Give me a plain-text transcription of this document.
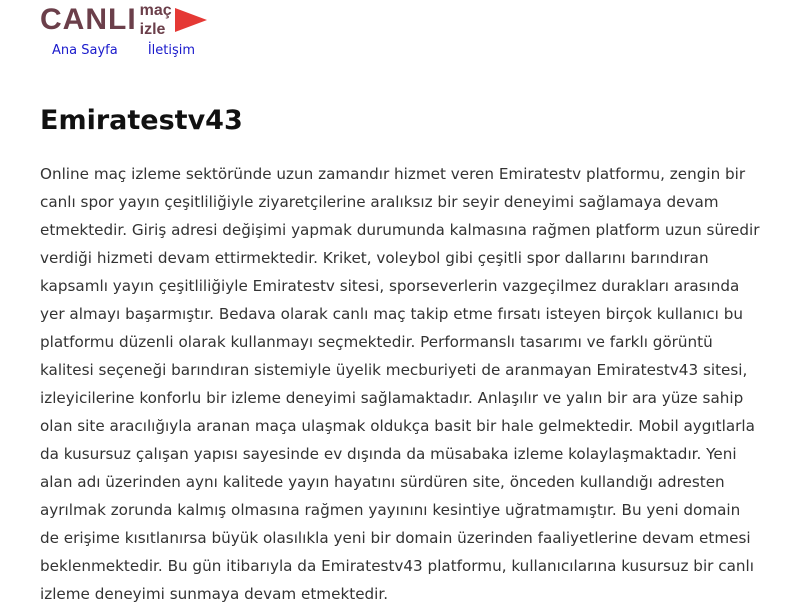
CANLI maç
izle
Ana Sayfa İletişim
Emiratestv43

Online maç izleme sektöründe uzun zamandır hizmet veren Emiratestv platformu, zengin bir canlı spor yayın çeşitliliğiyle ziyaretçilerine aralıksız bir seyir deneyimi sağlamaya devam etmektedir. Giriş adresi değişimi yapmak durumunda kalmasına rağmen platform uzun süredir verdiği hizmeti devam ettirmektedir. Kriket, voleybol gibi çeşitli spor dallarını barındıran kapsamlı yayın çeşitliliğiyle Emiratestv sitesi, sporseverlerin vazgeçilmez durakları arasında yer almayı başarmıştır. Bedava olarak canlı maç takip etme fırsatı isteyen birçok kullanıcı bu platformu düzenli olarak kullanmayı seçmektedir. Performanslı tasarımı ve farklı görüntü kalitesi seçeneği barındıran sistemiyle üyelik mecburiyeti de aranmayan Emiratestv43 sitesi, izleyicilerine konforlu bir izleme deneyimi sağlamaktadır. Anlaşılır ve yalın bir ara yüze sahip olan site aracılığıyla aranan maça ulaşmak oldukça basit bir hale gelmektedir. Mobil aygıtlarla da kusursuz çalışan yapısı sayesinde ev dışında da müsabaka izleme kolaylaşmaktadır. Yeni alan adı üzerinden aynı kalitede yayın hayatını sürdüren site, önceden kullandığı adresten ayrılmak zorunda kalmış olmasına rağmen yayınını kesintiye uğratmamıştır. Bu yeni domain de erişime kısıtlanırsa büyük olasılıkla yeni bir domain üzerinden faaliyetlerine devam etmesi beklenmektedir. Bu gün itibarıyla da Emiratestv43 platformu, kullanıcılarına kusursuz bir canlı izleme deneyimi sunmaya devam etmektedir.
